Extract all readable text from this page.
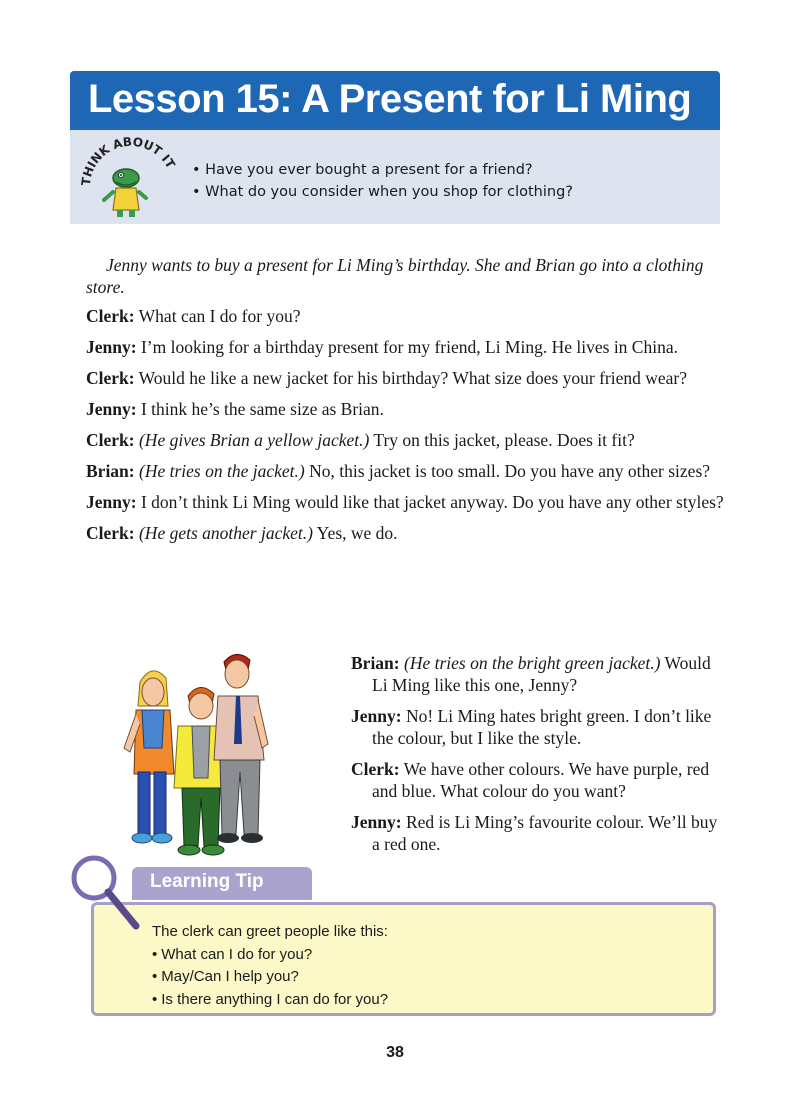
Lesson 15: A Present for Li Ming
THINK ABOUT IT • Have you ever bought a present for a friend?
• What do you consider when you shop for clothing?

Jenny wants to buy a present for Li Ming’s birthday. She and Brian go into a clothing store.

Clerk: What can I do for you?

Jenny: I’m looking for a birthday present for my friend, Li Ming. He lives in China.

Clerk: Would he like a new jacket for his birthday? What size does your friend wear?

Jenny: I think he’s the same size as Brian.

Clerk: (He gives Brian a yellow jacket.) Try on this jacket, please. Does it fit?

Brian: (He tries on the jacket.) No, this jacket is too small. Do you have any other sizes?

Jenny: I don’t think Li Ming would like that jacket anyway. Do you have any other styles?

Clerk: (He gets another jacket.) Yes, we do.

Brian: (He tries on the bright green jacket.) Would Li Ming like this one, Jenny?

Jenny: No! Li Ming hates bright green. I don’t like the colour, but I like the style.

Clerk: We have other colours. We have purple, red and blue. What colour do you want?

Jenny: Red is Li Ming’s favourite colour. We’ll buy a red one.

Learning Tip
The clerk can greet people like this:
• What can I do for you?
• May/Can I help you?
• Is there anything I can do for you?
38
